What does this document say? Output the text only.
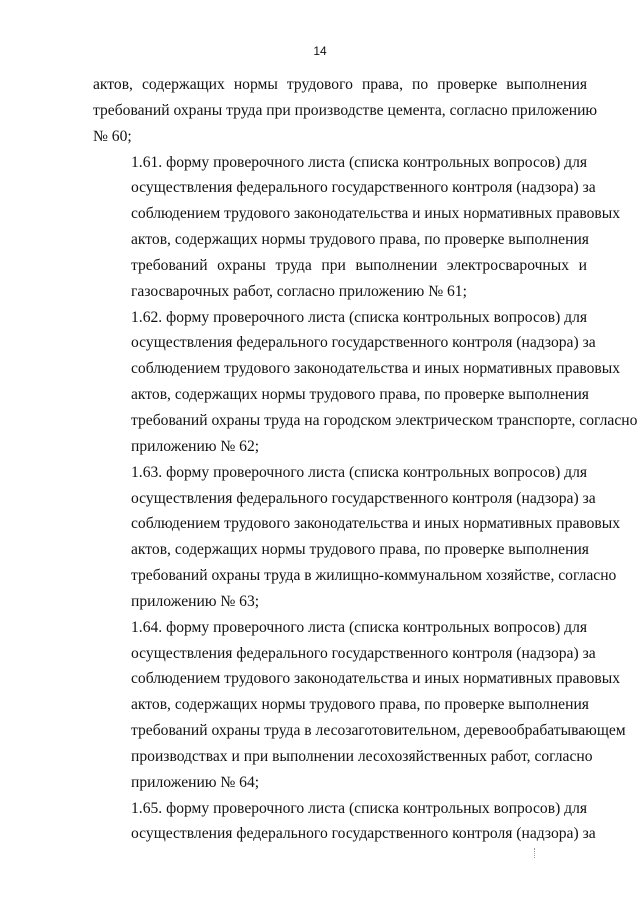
14
актов, содержащих нормы трудового права, по проверке выполнения
требований охраны труда при производстве цемента, согласно приложению
№ 60;
1.61. форму проверочного листа (списка контрольных вопросов) для
осуществления федерального государственного контроля (надзора) за
соблюдением трудового законодательства и иных нормативных правовых
актов, содержащих нормы трудового права, по проверке выполнения
требований охраны труда при выполнении электросварочных и
газосварочных работ, согласно приложению № 61;
1.62. форму проверочного листа (списка контрольных вопросов) для
осуществления федерального государственного контроля (надзора) за
соблюдением трудового законодательства и иных нормативных правовых
актов, содержащих нормы трудового права, по проверке выполнения
требований охраны труда на городском электрическом транспорте, согласно
приложению № 62;
1.63. форму проверочного листа (списка контрольных вопросов) для
осуществления федерального государственного контроля (надзора) за
соблюдением трудового законодательства и иных нормативных правовых
актов, содержащих нормы трудового права, по проверке выполнения
требований охраны труда в жилищно-коммунальном хозяйстве, согласно
приложению № 63;
1.64. форму проверочного листа (списка контрольных вопросов) для
осуществления федерального государственного контроля (надзора) за
соблюдением трудового законодательства и иных нормативных правовых
актов, содержащих нормы трудового права, по проверке выполнения
требований охраны труда в лесозаготовительном, деревообрабатывающем
производствах и при выполнении лесохозяйственных работ, согласно
приложению № 64;
1.65. форму проверочного листа (списка контрольных вопросов) для
осуществления федерального государственного контроля (надзора) за
